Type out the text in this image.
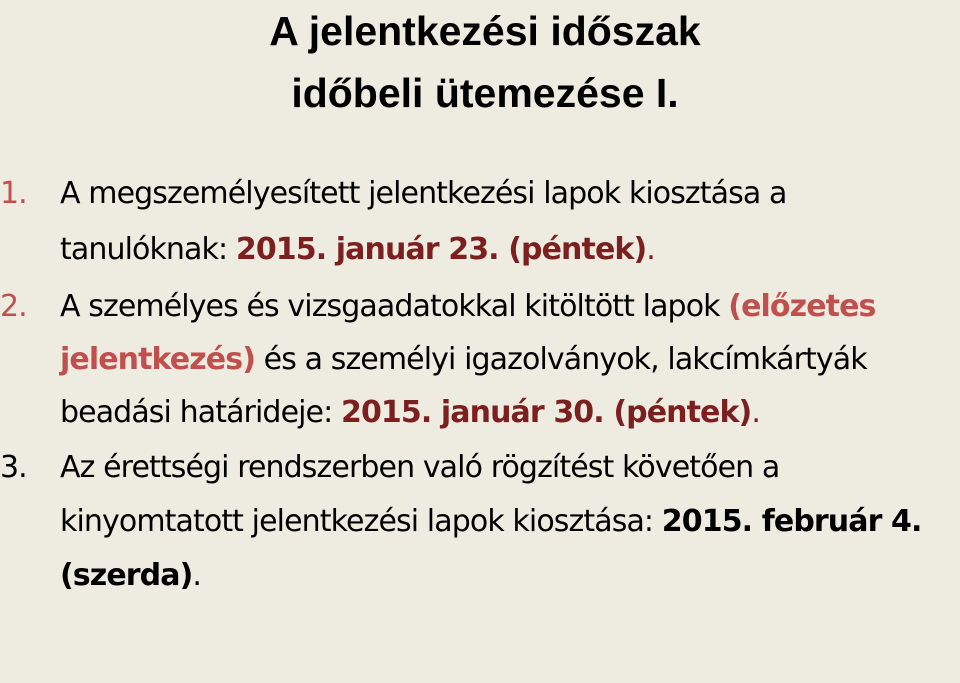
A jelentkezési időszak
időbeli ütemezése I.
1.	A megszemélyesített jelentkezési lapok kiosztása a tanulóknak: 2015. január 23. (péntek).
2.	A személyes és vizsgaadatokkal kitöltött lapok (előzetes jelentkezés) és a személyi igazolványok, lakcímkártyák beadási határideje: 2015. január 30. (péntek).
3.	Az érettségi rendszerben való rögzítést követően a kinyomtatott jelentkezési lapok kiosztása: 2015. február 4. (szerda).
